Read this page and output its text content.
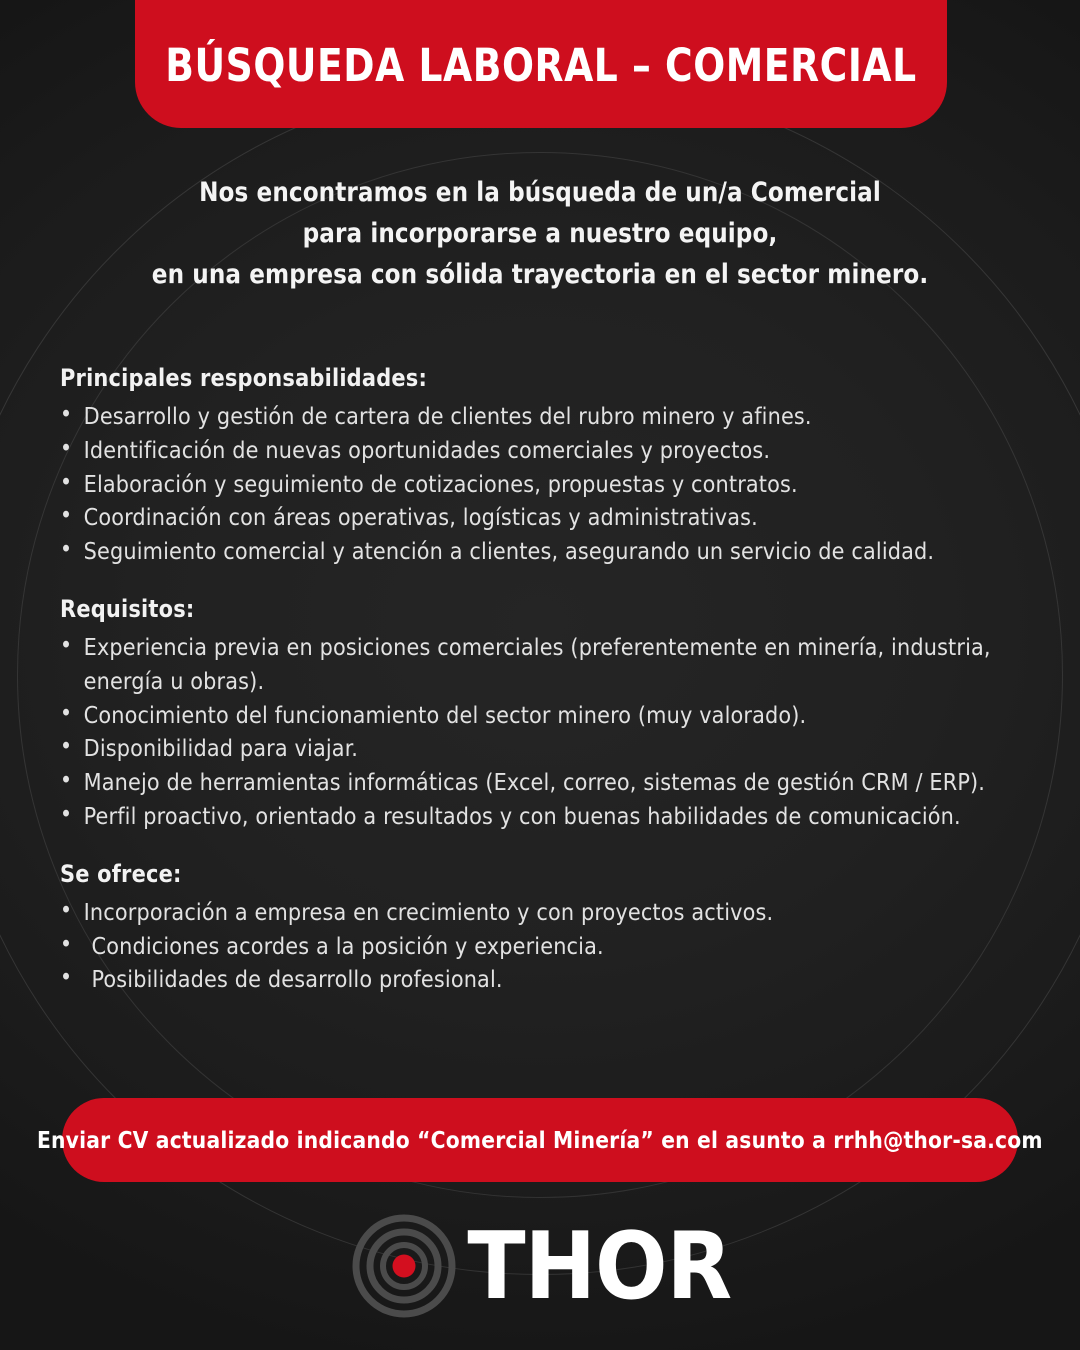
BÚSQUEDA LABORAL – COMERCIAL
Nos encontramos en la búsqueda de un/a Comercial
para incorporarse a nuestro equipo,
en una empresa con sólida trayectoria en el sector minero.
Principales responsabilidades:
• Desarrollo y gestión de cartera de clientes del rubro minero y afines.
• Identificación de nuevas oportunidades comerciales y proyectos.
• Elaboración y seguimiento de cotizaciones, propuestas y contratos.
• Coordinación con áreas operativas, logísticas y administrativas.
• Seguimiento comercial y atención a clientes, asegurando un servicio de calidad.
Requisitos:
• Experiencia previa en posiciones comerciales (preferentemente en minería, industria, energía u obras).
• Conocimiento del funcionamiento del sector minero (muy valorado).
• Disponibilidad para viajar.
• Manejo de herramientas informáticas (Excel, correo, sistemas de gestión CRM / ERP).
• Perfil proactivo, orientado a resultados y con buenas habilidades de comunicación.
Se ofrece:
• Incorporación a empresa en crecimiento y con proyectos activos.
• Condiciones acordes a la posición y experiencia.
• Posibilidades de desarrollo profesional.
Enviar CV actualizado indicando “Comercial Minería” en el asunto a rrhh@thor-sa.com
THOR
